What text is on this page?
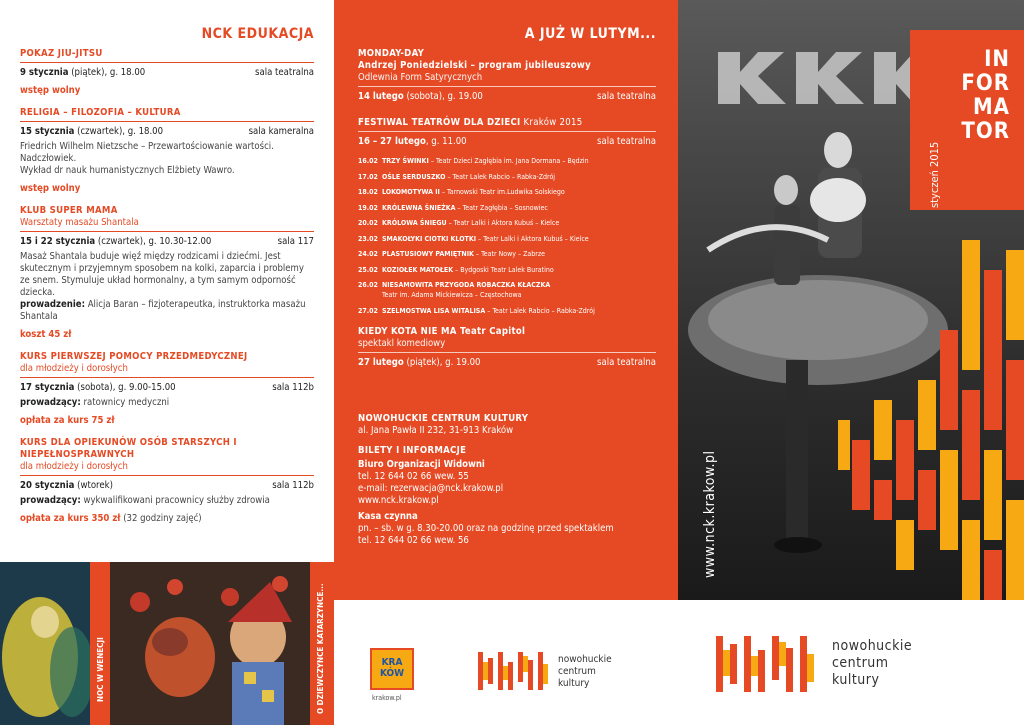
NCK EDUKACJA
POKAZ JIU-JITSU
9 stycznia (piątek), g. 18.00	sala teatralna
wstęp wolny
RELIGIA – FILOZOFIA – KULTURA
15 stycznia (czwartek), g. 18.00	sala kameralna
Friedrich Wilhelm Nietzsche – Przewartościowanie wartości. Nadczłowiek.
Wykład dr nauk humanistycznych Elżbiety Wawro.
wstęp wolny
KLUB SUPER MAMA
Warsztaty masażu Shantala
15 i 22 stycznia (czwartek), g. 10.30-12.00	sala 117
Masaż Shantala buduje więź między rodzicami i dziećmi. Jest skutecznym i przyjemnym sposobem na kolki, zaparcia i problemy ze snem. Stymuluje układ hormonalny, a tym samym odporność dziecka.
prowadzenie: Alicja Baran – fizjoterapeutka, instruktorka masażu Shantala
koszt 45 zł
KURS PIERWSZEJ POMOCY PRZEDMEDYCZNEJ
dla młodzieży i dorosłych
17 stycznia (sobota), g. 9.00-15.00	sala 112b
prowadzący: ratownicy medyczni
opłata za kurs 75 zł
KURS DLA OPIEKUNÓW OSÓB STARSZYCH I NIEPEŁNOSPRAWNYCH
dla młodzieży i dorosłych
20 stycznia (wtorek)	sala 112b
prowadzący: wykwalifikowani pracownicy służby zdrowia
opłata za kurs 350 zł (32 godziny zajęć)
NOC W WENECJI	O DZIEWCZYNCE KATARZYNCE...
A JUŻ W LUTYM...
MONDAY-DAY
Andrzej Poniedzielski – program jubileuszowy
Odlewnia Form Satyrycznych
14 lutego (sobota), g. 19.00	sala teatralna
FESTIWAL TEATRÓW DLA DZIECI Kraków 2015
16 – 27 lutego, g. 11.00	sala teatralna
16.02 TRZY ŚWINKI – Teatr Dzieci Zagłębia im. Jana Dormana – Będzin
17.02 OŚLE SERDUSZKO – Teatr Lalek Rabcio – Rabka-Zdrój
18.02 LOKOMOTYWA II – Tarnowski Teatr im.Ludwika Solskiego
19.02 KRÓLEWNA ŚNIEŻKA – Teatr Zagłębia – Sosnowiec
20.02 KRÓLOWA ŚNIEGU – Teatr Lalki i Aktora Kubuś – Kielce
23.02 SMAKOŁYKI CIOTKI KLOTKI – Teatr Lalki i Aktora Kubuś – Kielce
24.02 PLASTUSIOWY PAMIĘTNIK – Teatr Nowy – Zabrze
25.02 KOZIOŁEK MATOŁEK – Bydgoski Teatr Lalek Buratino
26.02 NIESAMOWITA PRZYGODA ROBACZKA KŁACZKA
Teatr im. Adama Mickiewicza – Częstochowa
27.02 SZELMOSTWA LISA WITALISA – Teatr Lalek Rabcio – Rabka-Zdrój
KIEDY KOTA NIE MA Teatr Capitol
spektakl komediowy
27 lutego (piątek), g. 19.00	sala teatralna
NOWOHUCKIE CENTRUM KULTURY
al. Jana Pawła II 232, 31-913 Kraków
BILETY I INFORMACJE
Biuro Organizacji Widowni
tel. 12 644 02 66 wew. 55
e-mail: rezerwacja@nck.krakow.pl
www.nck.krakow.pl
Kasa czynna
pn. – sb. w g. 8.30-20.00 oraz na godzinę przed spektaklem
tel. 12 644 02 66 wew. 56
IN
FOR
MA
TOR
styczeń 2015
www.nck.krakow.pl
KRA
KÓW
krakow.pl
nowohuckie
centrum
kultury
nowohuckie
centrum
kultury
